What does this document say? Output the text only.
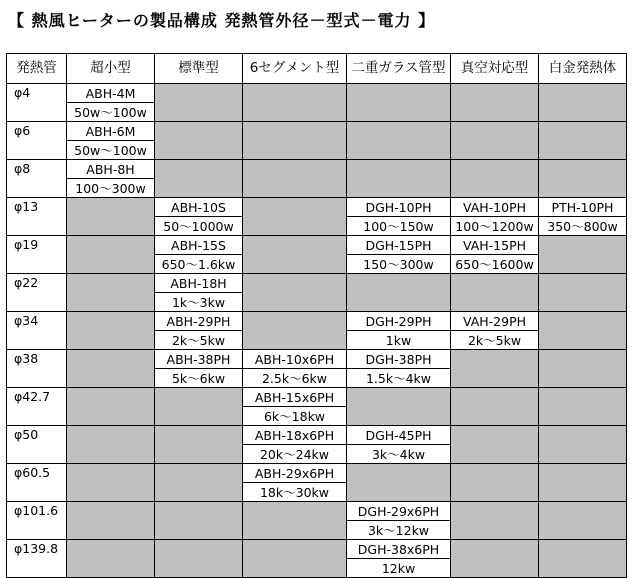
【 熱風ヒーターの製品構成 発熱管外径－型式－電力 】
発熱管	超小型	標準型	6セグメント型	二重ガラス管型	真空対応型	白金発熱体
φ4	ABH-4M					
	50w〜100w					
φ6	ABH-6M					
	50w〜100w					
φ8	ABH-8H					
	100〜300w					
φ13		ABH-10S		DGH-10PH	VAH-10PH	PTH-10PH
		50〜1000w		100〜150w	100〜1200w	350〜800w
φ19		ABH-15S		DGH-15PH	VAH-15PH	
		650〜1.6kw		150〜300w	650〜1600w	
φ22		ABH-18H				
		1k〜3kw				
φ34		ABH-29PH		DGH-29PH	VAH-29PH	
		2k〜5kw		1kw	2k〜5kw	
φ38		ABH-38PH	ABH-10x6PH	DGH-38PH		
		5k〜6kw	2.5k〜6kw	1.5k〜4kw		
φ42.7			ABH-15x6PH			
			6k〜18kw			
φ50			ABH-18x6PH	DGH-45PH		
			20k〜24kw	3k〜4kw		
φ60.5			ABH-29x6PH			
			18k〜30kw			
φ101.6				DGH-29x6PH		
				3k〜12kw		
φ139.8				DGH-38x6PH		
				12kw		
